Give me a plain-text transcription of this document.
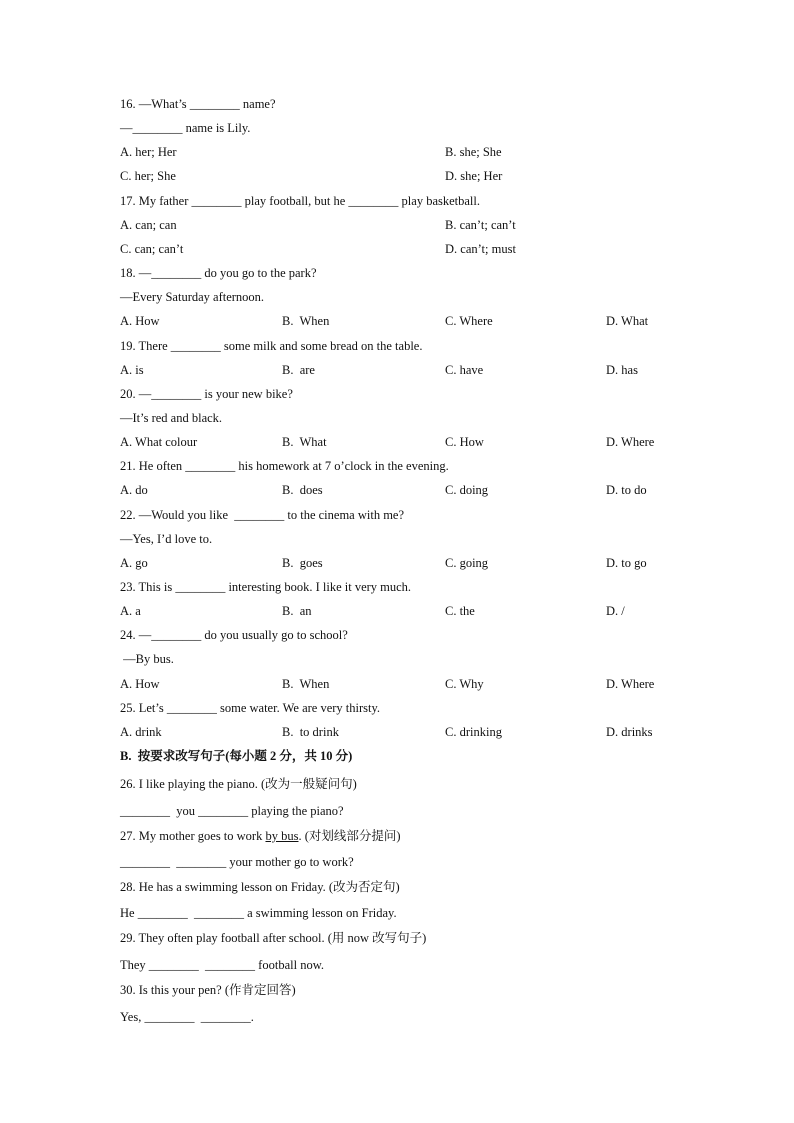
16. —What’s ________ name?
—________ name is Lily.
A. her; Her	B. she; She
C. her; She	D. she; Her
17. My father ________ play football, but he ________ play basketball.
A. can; can	B. can’t; can’t
C. can; can’t	D. can’t; must
18. —________ do you go to the park?
—Every Saturday afternoon.
A. How	B.  When	C. Where	D. What
19. There ________ some milk and some bread on the table.
A. is	B.  are	C. have	D. has
20. —________ is your new bike?
—It’s red and black.
A. What colour	B.  What	C. How	D. Where
21. He often ________ his homework at 7 o’clock in the evening.
A. do	B.  does	C. doing	D. to do
22. —Would you like  ________ to the cinema with me?
—Yes, I’d love to.
A. go	B.  goes	C. going	D. to go
23. This is ________ interesting book. I like it very much.
A. a	B.  an	C. the	D. /
24. —________ do you usually go to school?
—By bus.
A. How	B.  When	C. Why	D. Where
25. Let’s ________ some water. We are very thirsty.
A. drink	B.  to drink	C. drinking	D. drinks
B.  按要求改写句子(每小题 2 分，共 10 分)
26. I like playing the piano. (改为一般疑问句)
________  you ________ playing the piano?
27. My mother goes to work by bus. (对划线部分提问)
________  ________ your mother go to work?
28. He has a swimming lesson on Friday. (改为否定句)
He ________  ________ a swimming lesson on Friday.
29. They often play football after school. (用 now 改写句子)
They ________  ________ football now.
30. Is this your pen? (作肯定回答)
Yes, ________  ________.
